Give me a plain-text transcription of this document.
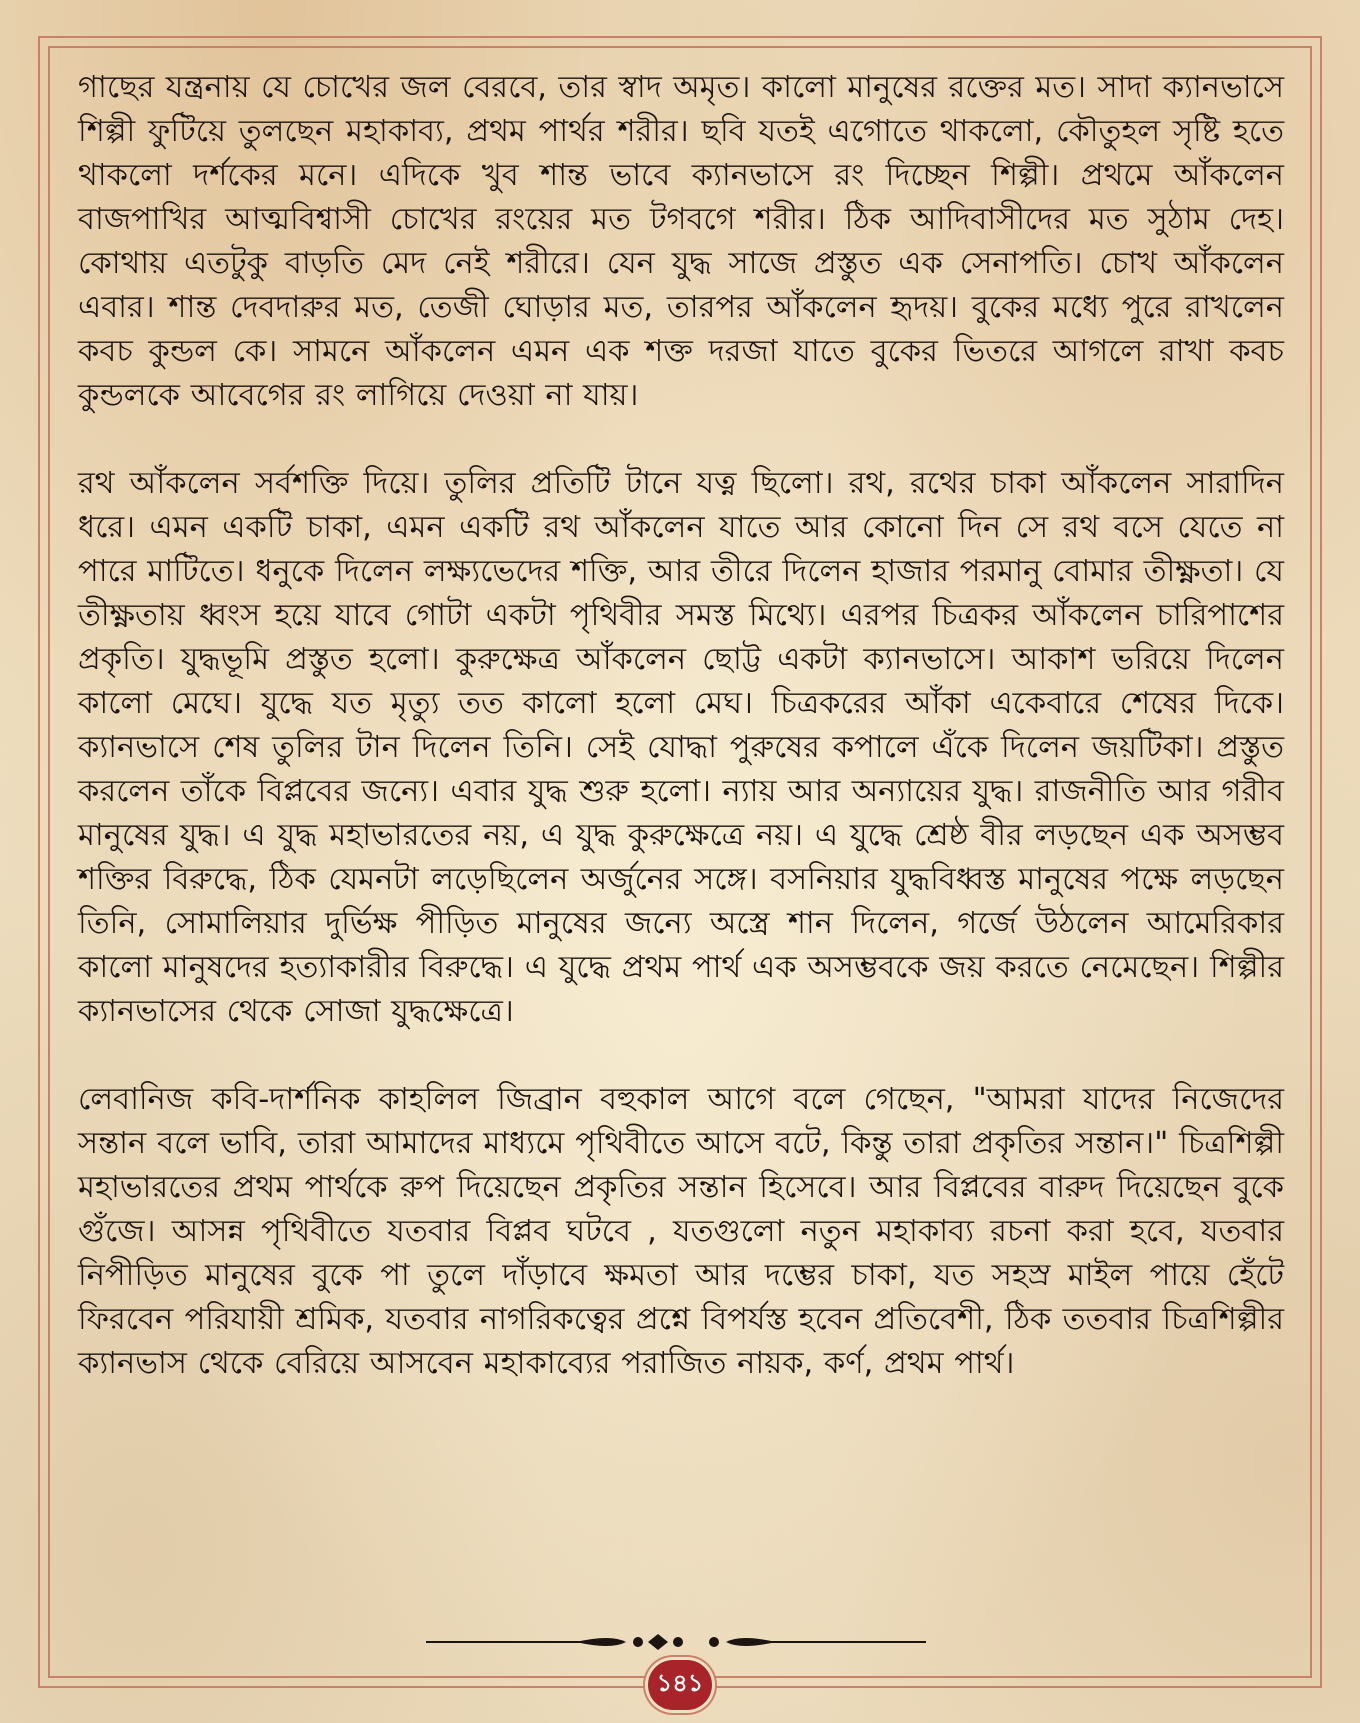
গাছের যন্ত্রনায় যে চোখের জল বেরবে, তার স্বাদ অমৃত। কালো মানুষের রক্তের মত। সাদা ক্যানভাসে শিল্পী ফুটিয়ে তুলছেন মহাকাব্য, প্রথম পার্থর শরীর। ছবি যতই এগোতে থাকলো, কৌতুহল সৃষ্টি হতে থাকলো দর্শকের মনে। এদিকে খুব শান্ত ভাবে ক্যানভাসে রং দিচ্ছেন শিল্পী। প্রথমে আঁকলেন বাজপাখির আত্মবিশ্বাসী চোখের রংয়ের মত টগবগে শরীর। ঠিক আদিবাসীদের মত সুঠাম দেহ। কোথায় এতটুকু বাড়তি মেদ নেই শরীরে। যেন যুদ্ধ সাজে প্রস্তুত এক সেনাপতি। চোখ আঁকলেন এবার। শান্ত দেবদারুর মত, তেজী ঘোড়ার মত, তারপর আঁকলেন হৃদয়। বুকের মধ্যে পুরে রাখলেন কবচ কুন্ডল কে। সামনে আঁকলেন এমন এক শক্ত দরজা যাতে বুকের ভিতরে আগলে রাখা কবচ কুন্ডলকে আবেগের রং লাগিয়ে দেওয়া না যায়।

রথ আঁকলেন সর্বশক্তি দিয়ে। তুলির প্রতিটি টানে যত্ন ছিলো। রথ, রথের চাকা আঁকলেন সারাদিন ধরে। এমন একটি চাকা, এমন একটি রথ আঁকলেন যাতে আর কোনো দিন সে রথ বসে যেতে না পারে মাটিতে। ধনুকে দিলেন লক্ষ্যভেদের শক্তি, আর তীরে দিলেন হাজার পরমানু বোমার তীক্ষ্ণতা। যে তীক্ষ্ণতায় ধ্বংস হয়ে যাবে গোটা একটা পৃথিবীর সমস্ত মিথ্যে। এরপর চিত্রকর আঁকলেন চারিপাশের প্রকৃতি। যুদ্ধভূমি প্রস্তুত হলো। কুরুক্ষেত্র আঁকলেন ছোট্ট একটা ক্যানভাসে। আকাশ ভরিয়ে দিলেন কালো মেঘে। যুদ্ধে যত মৃত্যু তত কালো হলো মেঘ। চিত্রকরের আঁকা একেবারে শেষের দিকে। ক্যানভাসে শেষ তুলির টান দিলেন তিনি। সেই যোদ্ধা পুরুষের কপালে এঁকে দিলেন জয়টিকা। প্রস্তুত করলেন তাঁকে বিপ্লবের জন্যে। এবার যুদ্ধ শুরু হলো। ন্যায় আর অন্যায়ের যুদ্ধ। রাজনীতি আর গরীব মানুষের যুদ্ধ। এ যুদ্ধ মহাভারতের নয়, এ যুদ্ধ কুরুক্ষেত্রে নয়। এ যুদ্ধে শ্রেষ্ঠ বীর লড়ছেন এক অসম্ভব শক্তির বিরুদ্ধে, ঠিক যেমনটা লড়েছিলেন অর্জুনের সঙ্গে। বসনিয়ার যুদ্ধবিধ্বস্ত মানুষের পক্ষে লড়ছেন তিনি, সোমালিয়ার দুর্ভিক্ষ পীড়িত মানুষের জন্যে অস্ত্রে শান দিলেন, গর্জে উঠলেন আমেরিকার কালো মানুষদের হত্যাকারীর বিরুদ্ধে। এ যুদ্ধে প্রথম পার্থ এক অসম্ভবকে জয় করতে নেমেছেন। শিল্পীর ক্যানভাসের থেকে সোজা যুদ্ধক্ষেত্রে।

লেবানিজ কবি-দার্শনিক কাহলিল জিব্রান বহুকাল আগে বলে গেছেন, "আমরা যাদের নিজেদের সন্তান বলে ভাবি, তারা আমাদের মাধ্যমে পৃথিবীতে আসে বটে, কিন্তু তারা প্রকৃতির সন্তান।" চিত্রশিল্পী মহাভারতের প্রথম পার্থকে রুপ দিয়েছেন প্রকৃতির সন্তান হিসেবে। আর বিপ্লবের বারুদ দিয়েছেন বুকে গুঁজে। আসন্ন পৃথিবীতে যতবার বিপ্লব ঘটবে , যতগুলো নতুন মহাকাব্য রচনা করা হবে, যতবার নিপীড়িত মানুষের বুকে পা তুলে দাঁড়াবে ক্ষমতা আর দম্ভের চাকা, যত সহস্র মাইল পায়ে হেঁটে ফিরবেন পরিযায়ী শ্রমিক, যতবার নাগরিকত্বের প্রশ্নে বিপর্যস্ত হবেন প্রতিবেশী, ঠিক ততবার চিত্রশিল্পীর ক্যানভাস থেকে বেরিয়ে আসবেন মহাকাব্যের পরাজিত নায়ক, কর্ণ, প্রথম পার্থ।

১৪১
